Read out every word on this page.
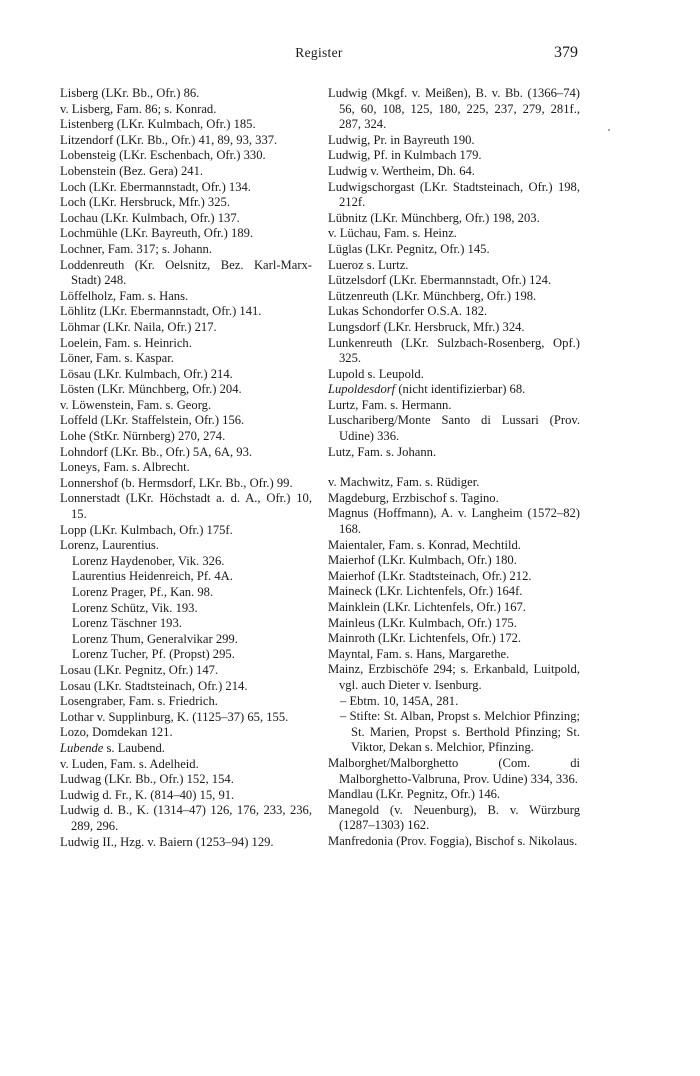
Register	379
Lisberg (LKr. Bb., Ofr.) 86.
v. Lisberg, Fam. 86; s. Konrad.
Listenberg (LKr. Kulmbach, Ofr.) 185.
Litzendorf (LKr. Bb., Ofr.) 41, 89, 93, 337.
Lobensteig (LKr. Eschenbach, Ofr.) 330.
Lobenstein (Bez. Gera) 241.
Loch (LKr. Ebermannstadt, Ofr.) 134.
Loch (LKr. Hersbruck, Mfr.) 325.
Lochau (LKr. Kulmbach, Ofr.) 137.
Lochmühle (LKr. Bayreuth, Ofr.) 189.
Lochner, Fam. 317; s. Johann.
Loddenreuth (Kr. Oelsnitz, Bez. Karl-Marx-Stadt) 248.
Löffelholz, Fam. s. Hans.
Löhlitz (LKr. Ebermannstadt, Ofr.) 141.
Löhmar (LKr. Naila, Ofr.) 217.
Loelein, Fam. s. Heinrich.
Löner, Fam. s. Kaspar.
Lösau (LKr. Kulmbach, Ofr.) 214.
Lösten (LKr. Münchberg, Ofr.) 204.
v. Löwenstein, Fam. s. Georg.
Loffeld (LKr. Staffelstein, Ofr.) 156.
Lohe (StKr. Nürnberg) 270, 274.
Lohndorf (LKr. Bb., Ofr.) 5A, 6A, 93.
Loneys, Fam. s. Albrecht.
Lonnershof (b. Hermsdorf, LKr. Bb., Ofr.) 99.
Lonnerstadt (LKr. Höchstadt a. d. A., Ofr.) 10, 15.
Lopp (LKr. Kulmbach, Ofr.) 175f.
Lorenz, Laurentius.
Lorenz Haydenober, Vik. 326.
Laurentius Heidenreich, Pf. 4A.
Lorenz Prager, Pf., Kan. 98.
Lorenz Schütz, Vik. 193.
Lorenz Täschner 193.
Lorenz Thum, Generalvikar 299.
Lorenz Tucher, Pf. (Propst) 295.
Losau (LKr. Pegnitz, Ofr.) 147.
Losau (LKr. Stadtsteinach, Ofr.) 214.
Losengraber, Fam. s. Friedrich.
Lothar v. Supplinburg, K. (1125–37) 65, 155.
Lozo, Domdekan 121.
Lubende s. Laubend.
v. Luden, Fam. s. Adelheid.
Ludwag (LKr. Bb., Ofr.) 152, 154.
Ludwig d. Fr., K. (814–40) 15, 91.
Ludwig d. B., K. (1314–47) 126, 176, 233, 236, 289, 296.
Ludwig II., Hzg. v. Baiern (1253–94) 129.
Ludwig (Mkgf. v. Meißen), B. v. Bb. (1366–74) 56, 60, 108, 125, 180, 225, 237, 279, 281f., 287, 324.
Ludwig, Pr. in Bayreuth 190.
Ludwig, Pf. in Kulmbach 179.
Ludwig v. Wertheim, Dh. 64.
Ludwigschorgast (LKr. Stadtsteinach, Ofr.) 198, 212f.
Lübnitz (LKr. Münchberg, Ofr.) 198, 203.
v. Lüchau, Fam. s. Heinz.
Lüglas (LKr. Pegnitz, Ofr.) 145.
Lueroz s. Lurtz.
Lützelsdorf (LKr. Ebermannstadt, Ofr.) 124.
Lützenreuth (LKr. Münchberg, Ofr.) 198.
Lukas Schondorfer O.S.A. 182.
Lungsdorf (LKr. Hersbruck, Mfr.) 324.
Lunkenreuth (LKr. Sulzbach-Rosenberg, Opf.) 325.
Lupold s. Leupold.
Lupoldesdorf (nicht identifizierbar) 68.
Lurtz, Fam. s. Hermann.
Luschariberg/Monte Santo di Lussari (Prov. Udine) 336.
Lutz, Fam. s. Johann.
v. Machwitz, Fam. s. Rüdiger.
Magdeburg, Erzbischof s. Tagino.
Magnus (Hoffmann), A. v. Langheim (1572–82) 168.
Maientaler, Fam. s. Konrad, Mechtild.
Maierhof (LKr. Kulmbach, Ofr.) 180.
Maierhof (LKr. Stadtsteinach, Ofr.) 212.
Maineck (LKr. Lichtenfels, Ofr.) 164f.
Mainklein (LKr. Lichtenfels, Ofr.) 167.
Mainleus (LKr. Kulmbach, Ofr.) 175.
Mainroth (LKr. Lichtenfels, Ofr.) 172.
Mayntal, Fam. s. Hans, Margarethe.
Mainz, Erzbischöfe 294; s. Erkanbald, Luitpold, vgl. auch Dieter v. Isenburg.
– Ebtm. 10, 145A, 281.
– Stifte: St. Alban, Propst s. Melchior Pfinzing; St. Marien, Propst s. Berthold Pfinzing; St. Viktor, Dekan s. Melchior, Pfinzing.
Malborghet/Malborghetto (Com. di Malborghetto-Valbruna, Prov. Udine) 334, 336.
Mandlau (LKr. Pegnitz, Ofr.) 146.
Manegold (v. Neuenburg), B. v. Würzburg (1287–1303) 162.
Manfredonia (Prov. Foggia), Bischof s. Nikolaus.
